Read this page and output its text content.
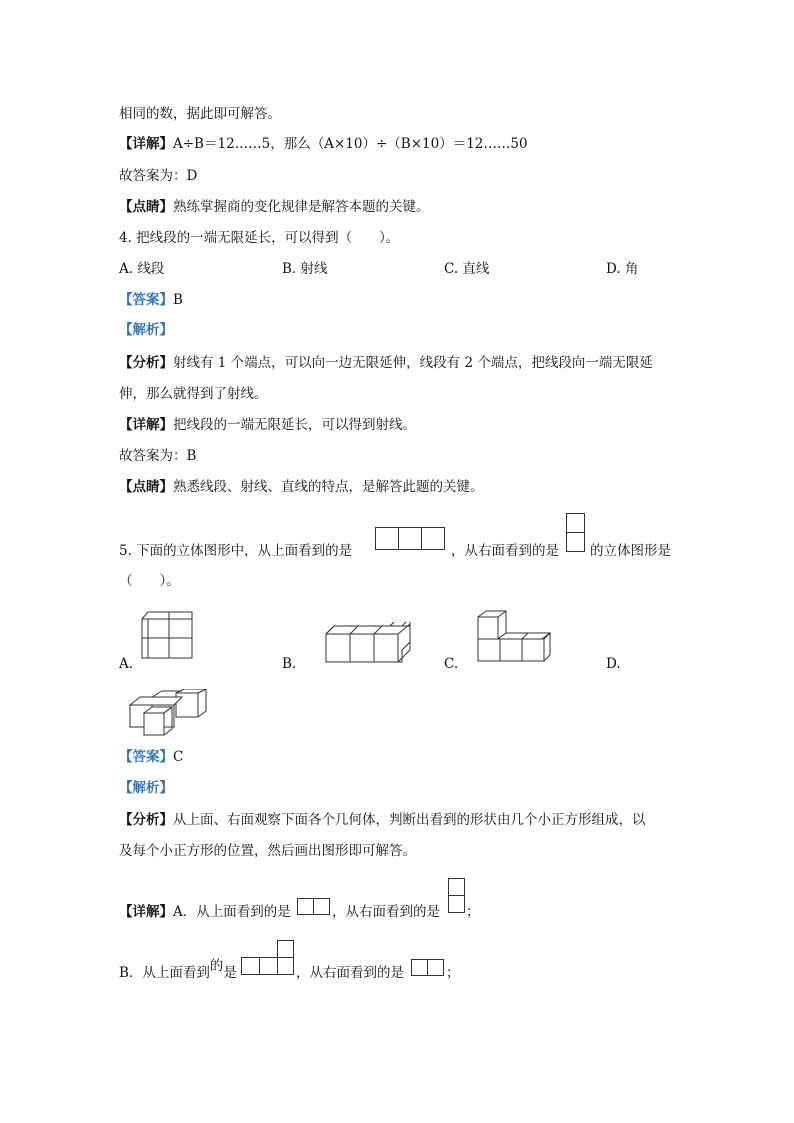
相同的数，据此即可解答。
【详解】A÷B＝12……5，那么（A×10）÷（B×10）＝12……50
故答案为：D
【点睛】熟练掌握商的变化规律是解答本题的关键。
4. 把线段的一端无限延长，可以得到（　　）。
A. 线段	B. 射线	C. 直线	D. 角
【答案】B
【解析】
【分析】射线有 1 个端点，可以向一边无限延伸，线段有 2 个端点，把线段向一端无限延
伸，那么就得到了射线。
【详解】把线段的一端无限延长，可以得到射线。
故答案为：B
【点睛】熟悉线段、射线、直线的特点，是解答此题的关键。
5. 下面的立体图形中，从上面看到的是	，从右面看到的是 的立体图形是
（　　）。
A.	B.	C.	D.
【答案】C
【解析】
【分析】从上面、右面观察下面各个几何体，判断出看到的形状由几个小正方形组成，以
及每个小正方形的位置，然后画出图形即可解答。
【详解】A．从上面看到的是	，从右面看到的是 ；
B．从上面看到的是	，从右面看到的是	；
